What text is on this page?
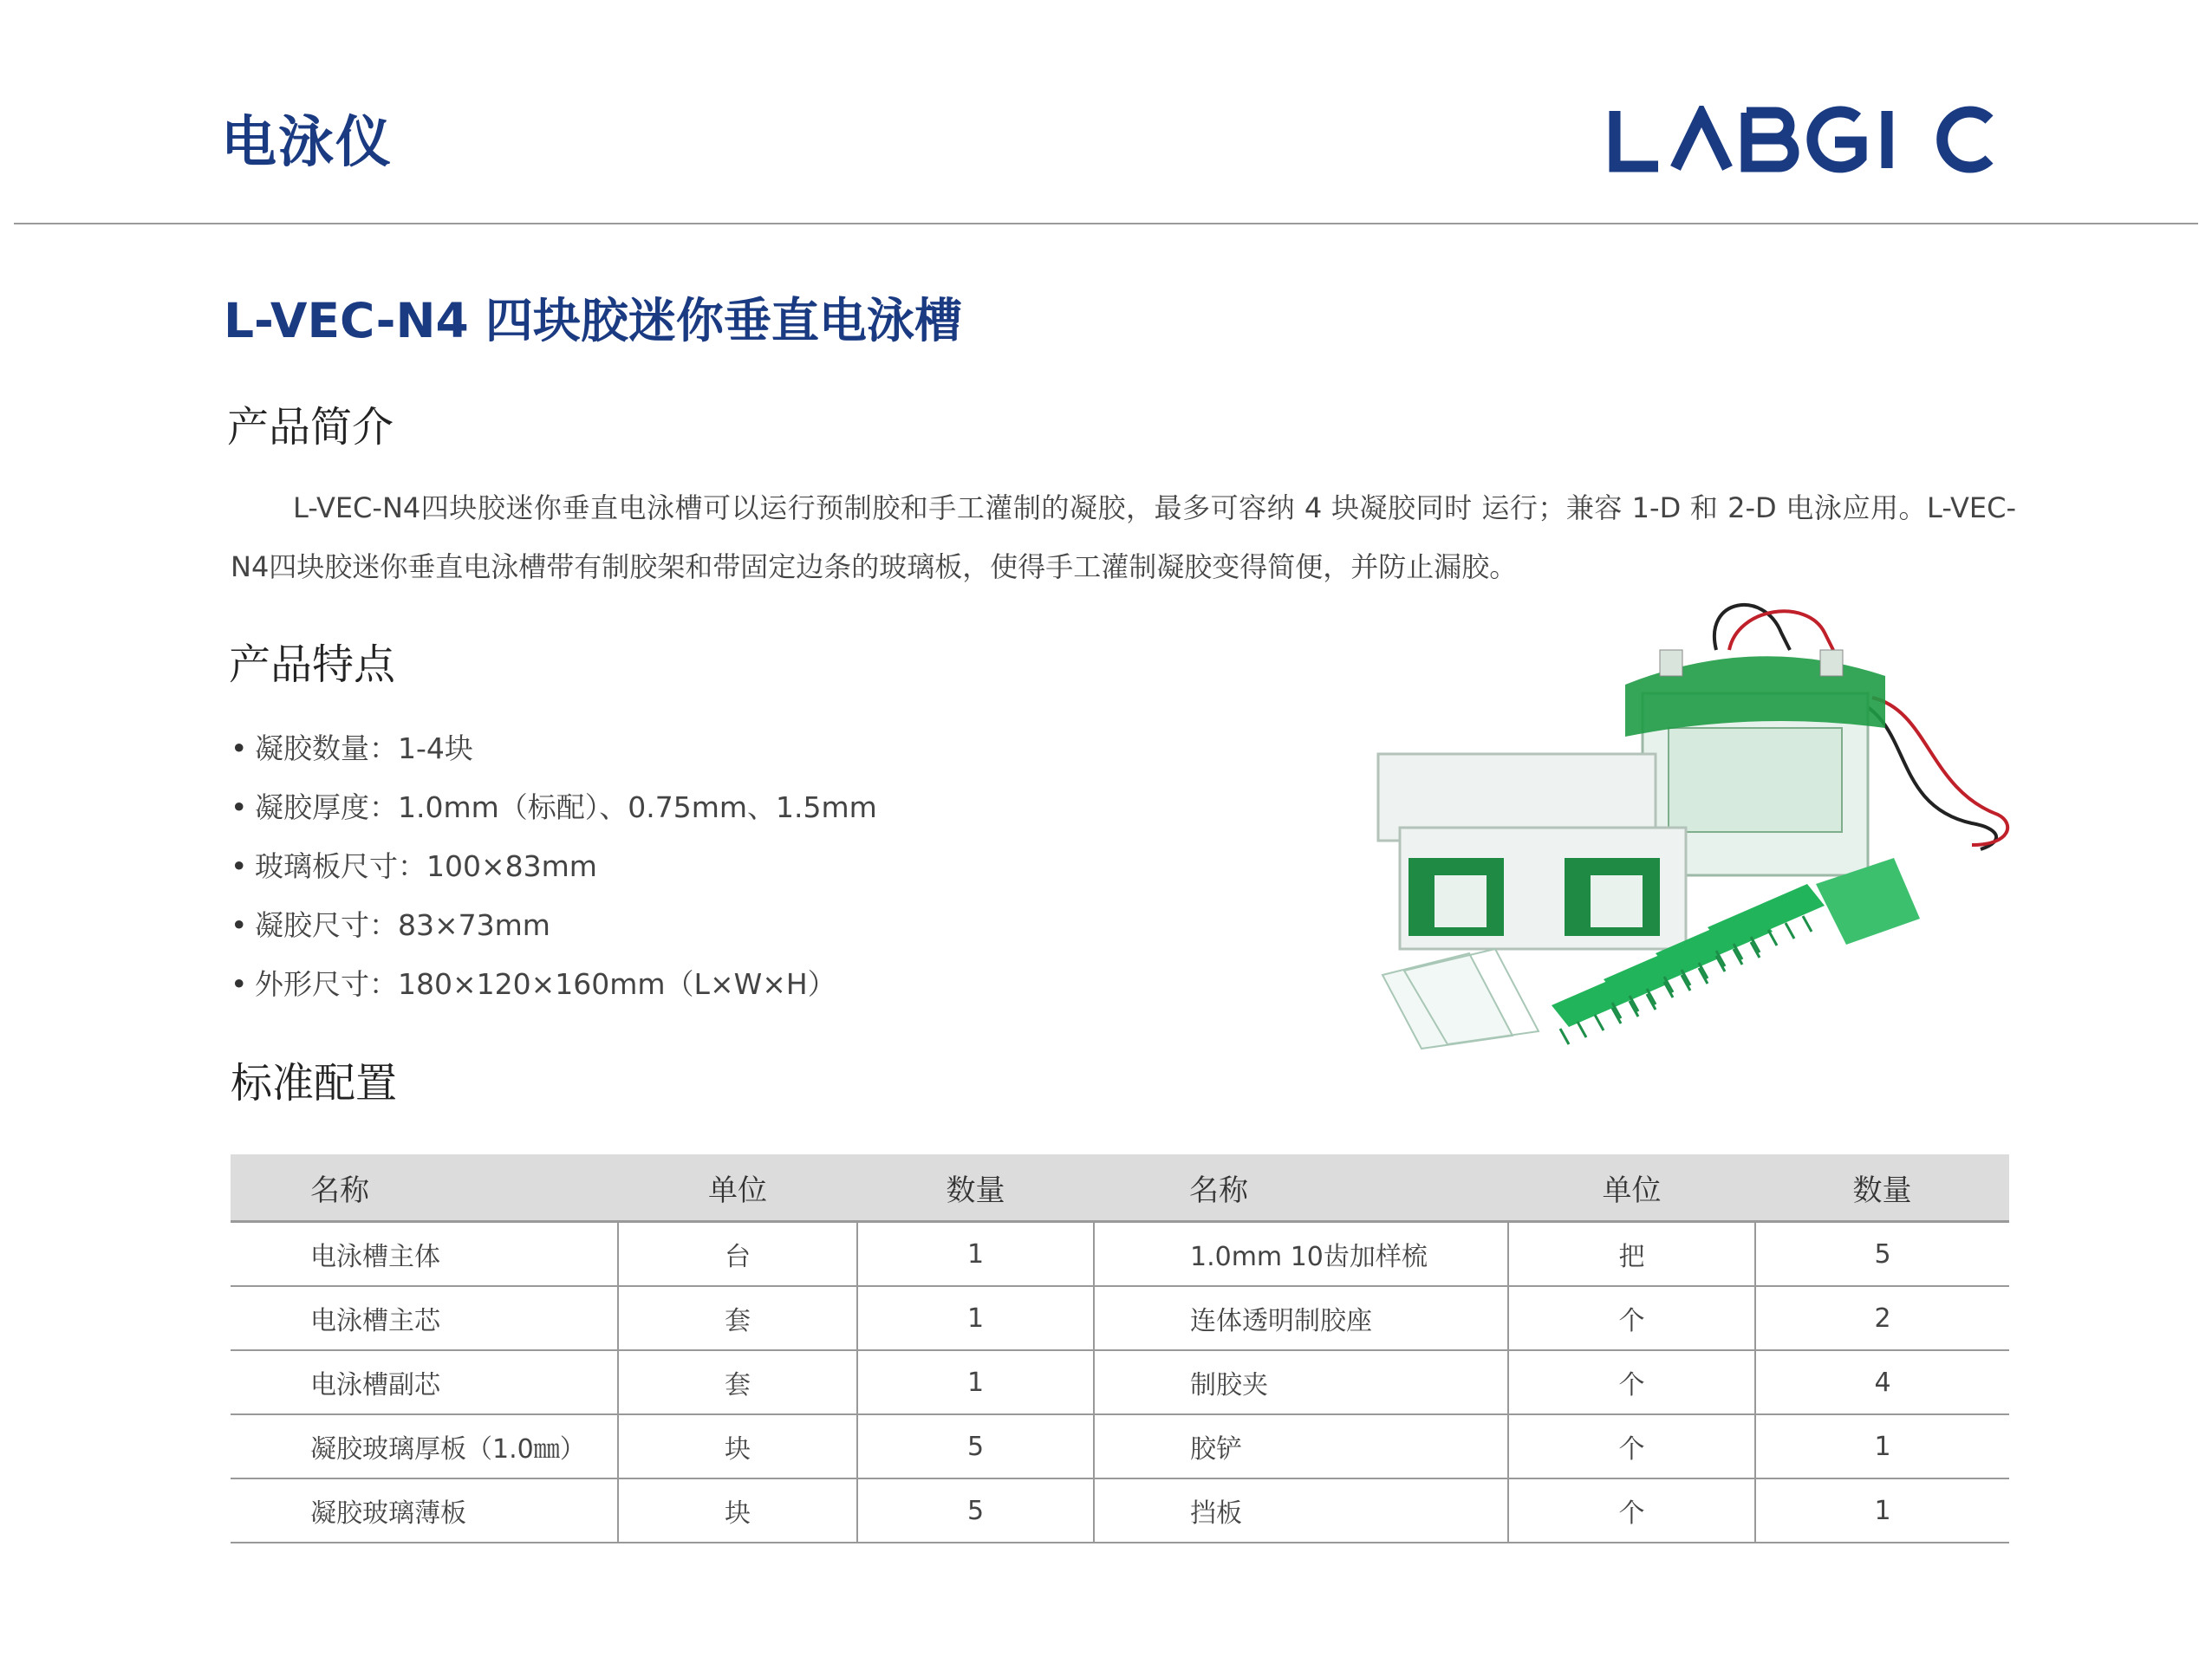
电泳仪
L-VEC-N4 四块胶迷你垂直电泳槽
产品简介
L-VEC-N4四块胶迷你垂直电泳槽可以运行预制胶和手工灌制的凝胶，最多可容纳 4 块凝胶同时 运行；兼容 1-D 和 2-D 电泳应用。L-VEC-N4四块胶迷你垂直电泳槽带有制胶架和带固定边条的玻璃板，使得手工灌制凝胶变得简便，并防止漏胶。
产品特点
• 凝胶数量：1-4块
• 凝胶厚度：1.0mm（标配）、0.75mm、1.5mm
• 玻璃板尺寸：100×83mm
• 凝胶尺寸：83×73mm
• 外形尺寸：180×120×160mm（L×W×H）
标准配置
名称	单位	数量	名称	单位	数量
电泳槽主体	台	1	1.0mm 10齿加样梳	把	5
电泳槽主芯	套	1	连体透明制胶座	个	2
电泳槽副芯	套	1	制胶夹	个	4
凝胶玻璃厚板（1.0㎜）	块	5	胶铲	个	1
凝胶玻璃薄板	块	5	挡板	个	1
